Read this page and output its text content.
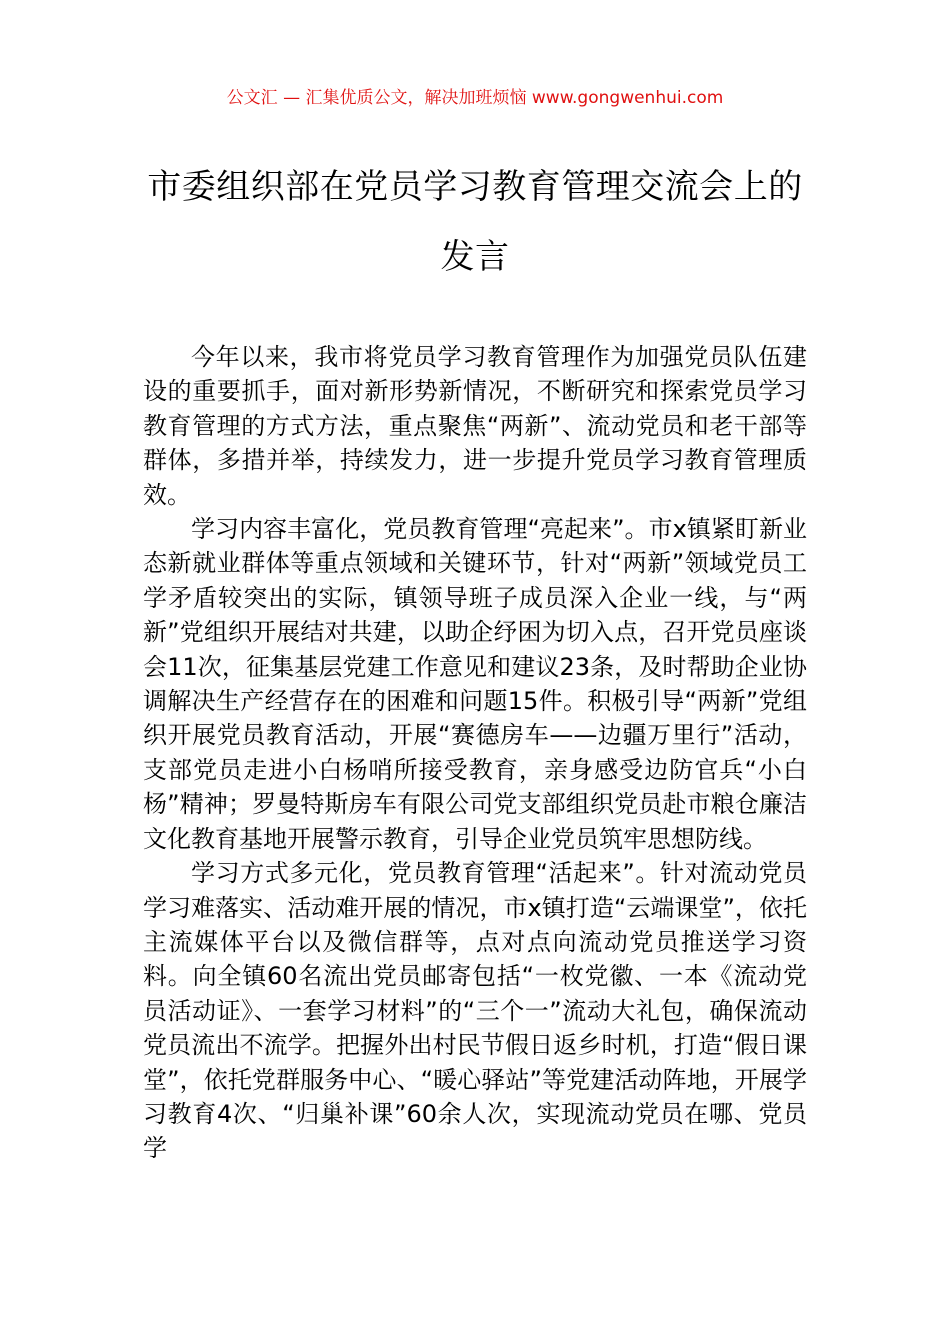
公文汇 — 汇集优质公文，解决加班烦恼 www.gongwenhui.com
市委组织部在党员学习教育管理交流会上的发言

今年以来，我市将党员学习教育管理作为加强党员队伍建设的重要抓手，面对新形势新情况，不断研究和探索党员学习教育管理的方式方法，重点聚焦“两新”、流动党员和老干部等群体，多措并举，持续发力，进一步提升党员学习教育管理质效。

学习内容丰富化，党员教育管理“亮起来”。市x镇紧盯新业态新就业群体等重点领域和关键环节，针对“两新”领域党员工学矛盾较突出的实际，镇领导班子成员深入企业一线，与“两新”党组织开展结对共建，以助企纾困为切入点，召开党员座谈会11次，征集基层党建工作意见和建议23条，及时帮助企业协调解决生产经营存在的困难和问题15件。积极引导“两新”党组织开展党员教育活动，开展“赛德房车——边疆万里行”活动，支部党员走进小白杨哨所接受教育，亲身感受边防官兵“小白杨”精神；罗曼特斯房车有限公司党支部组织党员赴市粮仓廉洁文化教育基地开展警示教育，引导企业党员筑牢思想防线。

学习方式多元化，党员教育管理“活起来”。针对流动党员学习难落实、活动难开展的情况，市x镇打造“云端课堂”，依托主流媒体平台以及微信群等，点对点向流动党员推送学习资料。向全镇60名流出党员邮寄包括“一枚党徽、一本《流动党员活动证》、一套学习材料”的“三个一”流动大礼包，确保流动党员流出不流学。把握外出村民节假日返乡时机，打造“假日课堂”，依托党群服务中心、“暖心驿站”等党建活动阵地，开展学习教育4次、“归巢补课”60余人次，实现流动党员在哪、党员学
